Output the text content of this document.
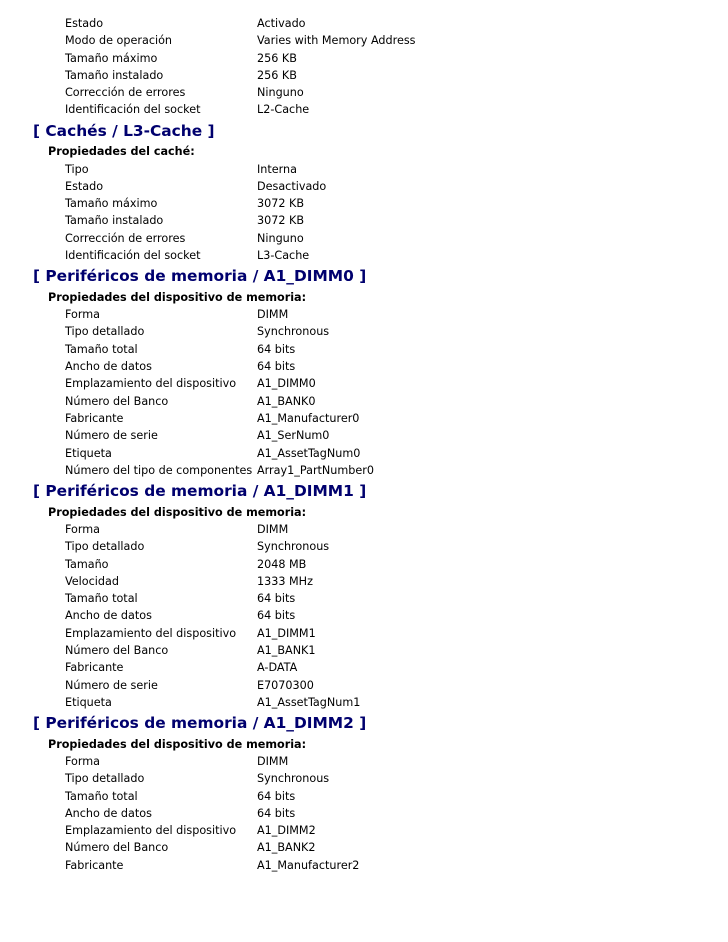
Estado	Activado
Modo de operación	Varies with Memory Address
Tamaño máximo	256 KB
Tamaño instalado	256 KB
Corrección de errores	Ninguno
Identificación del socket	L2-Cache
[ Cachés / L3-Cache ]
Propiedades del caché:
Tipo	Interna
Estado	Desactivado
Tamaño máximo	3072 KB
Tamaño instalado	3072 KB
Corrección de errores	Ninguno
Identificación del socket	L3-Cache
[ Periféricos de memoria / A1_DIMM0 ]
Propiedades del dispositivo de memoria:
Forma	DIMM
Tipo detallado	Synchronous
Tamaño total	64 bits
Ancho de datos	64 bits
Emplazamiento del dispositivo A1_DIMM0
Número del Banco	A1_BANK0
Fabricante	A1_Manufacturer0
Número de serie	A1_SerNum0
Etiqueta	A1_AssetTagNum0
Número del tipo de componentes Array1_PartNumber0
[ Periféricos de memoria / A1_DIMM1 ]
Propiedades del dispositivo de memoria:
Forma	DIMM
Tipo detallado	Synchronous
Tamaño	2048 MB
Velocidad	1333 MHz
Tamaño total	64 bits
Ancho de datos	64 bits
Emplazamiento del dispositivo A1_DIMM1
Número del Banco	A1_BANK1
Fabricante	A-DATA
Número de serie	E7070300
Etiqueta	A1_AssetTagNum1
[ Periféricos de memoria / A1_DIMM2 ]
Propiedades del dispositivo de memoria:
Forma	DIMM
Tipo detallado	Synchronous
Tamaño total	64 bits
Ancho de datos	64 bits
Emplazamiento del dispositivo A1_DIMM2
Número del Banco	A1_BANK2
Fabricante	A1_Manufacturer2
